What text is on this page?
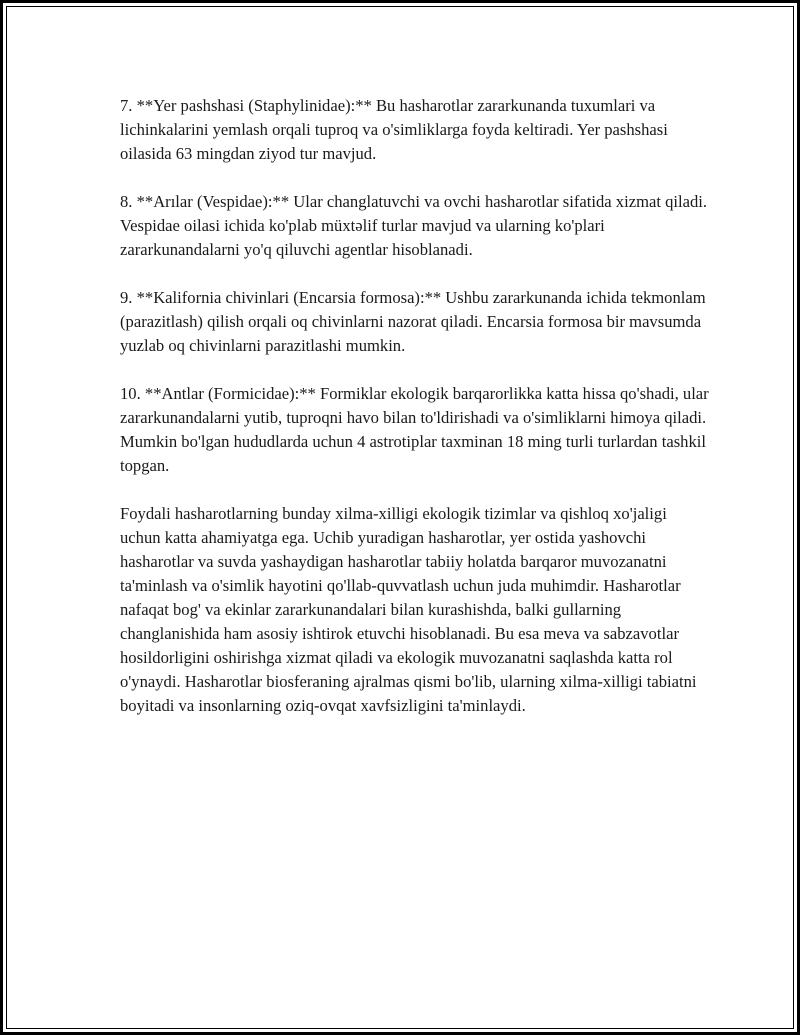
7. **Yer pashshasi (Staphylinidae):** Bu hasharotlar zararkunanda tuxumlari va lichinkalarini yemlash orqali tuproq va o'simliklarga foyda keltiradi. Yer pashshasi oilasida 63 mingdan ziyod tur mavjud.

8. **Arılar (Vespidae):** Ular changlatuvchi va ovchi hasharotlar sifatida xizmat qiladi. Vespidae oilasi ichida ko'plab müxtəlif turlar mavjud va ularning ko'plari zararkunandalarni yo'q qiluvchi agentlar hisoblanadi.

9. **Kalifornia chivinlari (Encarsia formosa):** Ushbu zararkunanda ichida tekmonlam (parazitlash) qilish orqali oq chivinlarni nazorat qiladi. Encarsia formosa bir mavsumda yuzlab oq chivinlarni parazitlashi mumkin.

10. **Antlar (Formicidae):** Formiklar ekologik barqarorlikka katta hissa qo'shadi, ular zararkunandalarni yutib, tuproqni havo bilan to'ldirishadi va o'simliklarni himoya qiladi. Mumkin bo'lgan hududlarda uchun 4 astrotiplar taxminan 18 ming turli turlardan tashkil topgan.

Foydali hasharotlarning bunday xilma-xilligi ekologik tizimlar va qishloq xo'jaligi uchun katta ahamiyatga ega. Uchib yuradigan hasharotlar, yer ostida yashovchi hasharotlar va suvda yashaydigan hasharotlar tabiiy holatda barqaror muvozanatni ta'minlash va o'simlik hayotini qo'llab-quvvatlash uchun juda muhimdir. Hasharotlar nafaqat bog' va ekinlar zararkunandalari bilan kurashishda, balki gullarning changlanishida ham asosiy ishtirok etuvchi hisoblanadi. Bu esa meva va sabzavotlar hosildorligini oshirishga xizmat qiladi va ekologik muvozanatni saqlashda katta rol o'ynaydi. Hasharotlar biosferaning ajralmas qismi bo'lib, ularning xilma-xilligi tabiatni boyitadi va insonlarning oziq-ovqat xavfsizligini ta'minlaydi.
